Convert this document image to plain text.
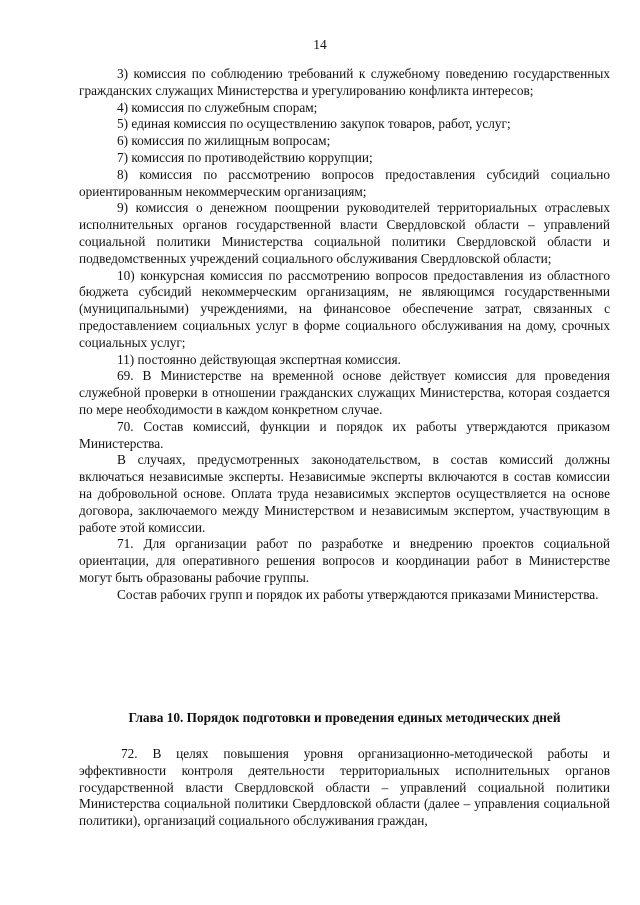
14

3) комиссия по соблюдению требований к служебному поведению государственных гражданских служащих Министерства и урегулированию конфликта интересов;

4) комиссия по служебным спорам;

5) единая комиссия по осуществлению закупок товаров, работ, услуг;

6) комиссия по жилищным вопросам;

7) комиссия по противодействию коррупции;

8) комиссия по рассмотрению вопросов предоставления субсидий социально ориентированным некоммерческим организациям;

9) комиссия о денежном поощрении руководителей территориальных отраслевых исполнительных органов государственной власти Свердловской области – управлений социальной политики Министерства социальной политики Свердловской области и подведомственных учреждений социального обслуживания Свердловской области;

10) конкурсная комиссия по рассмотрению вопросов предоставления из областного бюджета субсидий некоммерческим организациям, не являющимся государственными (муниципальными) учреждениями, на финансовое обеспечение затрат, связанных с предоставлением социальных услуг в форме социального обслуживания на дому, срочных социальных услуг;

11) постоянно действующая экспертная комиссия.

69. В Министерстве на временной основе действует комиссия для проведения служебной проверки в отношении гражданских служащих Министерства, которая создается по мере необходимости в каждом конкретном случае.

70. Состав комиссий, функции и порядок их работы утверждаются приказом Министерства.

В случаях, предусмотренных законодательством, в состав комиссий должны включаться независимые эксперты. Независимые эксперты включаются в состав комиссии на добровольной основе. Оплата труда независимых экспертов осуществляется на основе договора, заключаемого между Министерством и независимым экспертом, участвующим в работе этой комиссии.

71. Для организации работ по разработке и внедрению проектов социальной ориентации, для оперативного решения вопросов и координации работ в Министерстве могут быть образованы рабочие группы.

Состав рабочих групп и порядок их работы утверждаются приказами Министерства.

Глава 10. Порядок подготовки и проведения единых методических дней

72. В целях повышения уровня организационно-методической работы и эффективности контроля деятельности территориальных исполнительных органов государственной власти Свердловской области – управлений социальной политики Министерства социальной политики Свердловской области (далее – управления социальной политики), организаций социального обслуживания граждан,
